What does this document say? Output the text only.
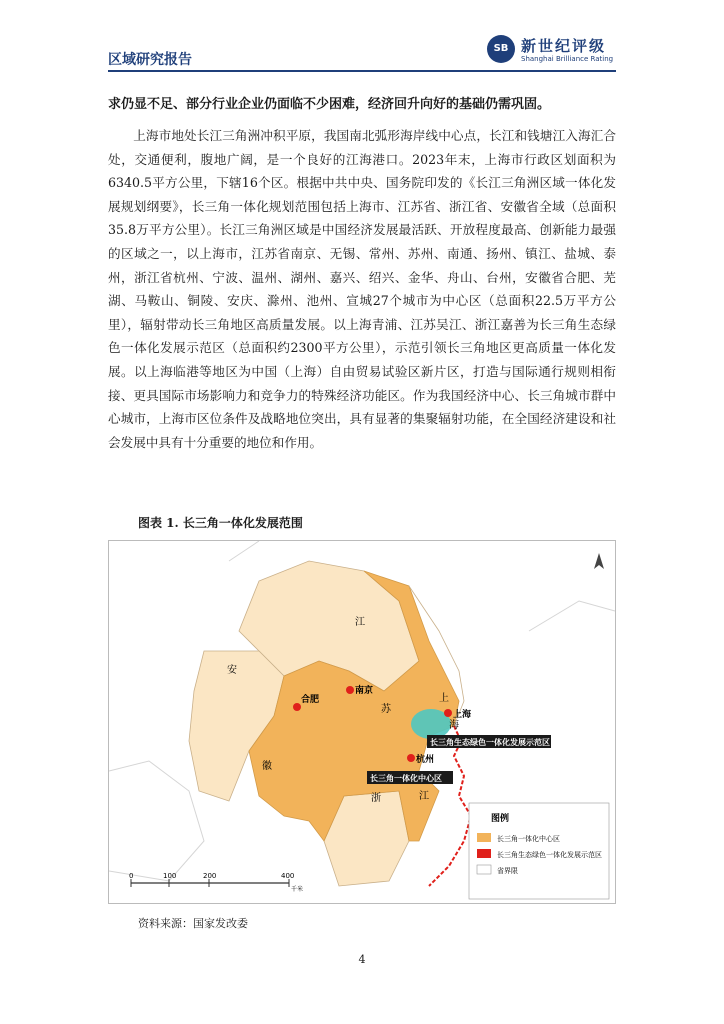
区域研究报告
SB 新世纪评级
Shanghai Brilliance Rating
求仍显不足、部分行业企业仍面临不少困难，经济回升向好的基础仍需巩固。
上海市地处长江三角洲冲积平原，我国南北弧形海岸线中心点，长江和钱塘江入海汇合处，交通便利，腹地广阔，是一个良好的江海港口。2023年末，上海市行政区划面积为6340.5平方公里，下辖16个区。根据中共中央、国务院印发的《长江三角洲区域一体化发展规划纲要》，长三角一体化规划范围包括上海市、江苏省、浙江省、安徽省全域（总面积35.8万平方公里）。长江三角洲区域是中国经济发展最活跃、开放程度最高、创新能力最强的区域之一，以上海市，江苏省南京、无锡、常州、苏州、南通、扬州、镇江、盐城、泰州，浙江省杭州、宁波、温州、湖州、嘉兴、绍兴、金华、舟山、台州，安徽省合肥、芜湖、马鞍山、铜陵、安庆、滁州、池州、宣城27个城市为中心区（总面积22.5万平方公里），辐射带动长三角地区高质量发展。以上海青浦、江苏吴江、浙江嘉善为长三角生态绿色一体化发展示范区（总面积约2300平方公里），示范引领长三角地区更高质量一体化发展。以上海临港等地区为中国（上海）自由贸易试验区新片区，打造与国际通行规则相衔接、更具国际市场影响力和竞争力的特殊经济功能区。作为我国经济中心、长三角城市群中心城市，上海市区位条件及战略地位突出，具有显著的集聚辐射功能，在全国经济建设和社会发展中具有十分重要的地位和作用。
图表 1. 长三角一体化发展范围
合肥
南京
上海
杭州
江
苏
安
徽
浙	江
上
海
长三角生态绿色一体化发展示范区
长三角一体化中心区
图例
长三角一体化中心区
长三角生态绿色一体化发展示范区
省界限
0	100	200	400
千米
资料来源：国家发改委
4
